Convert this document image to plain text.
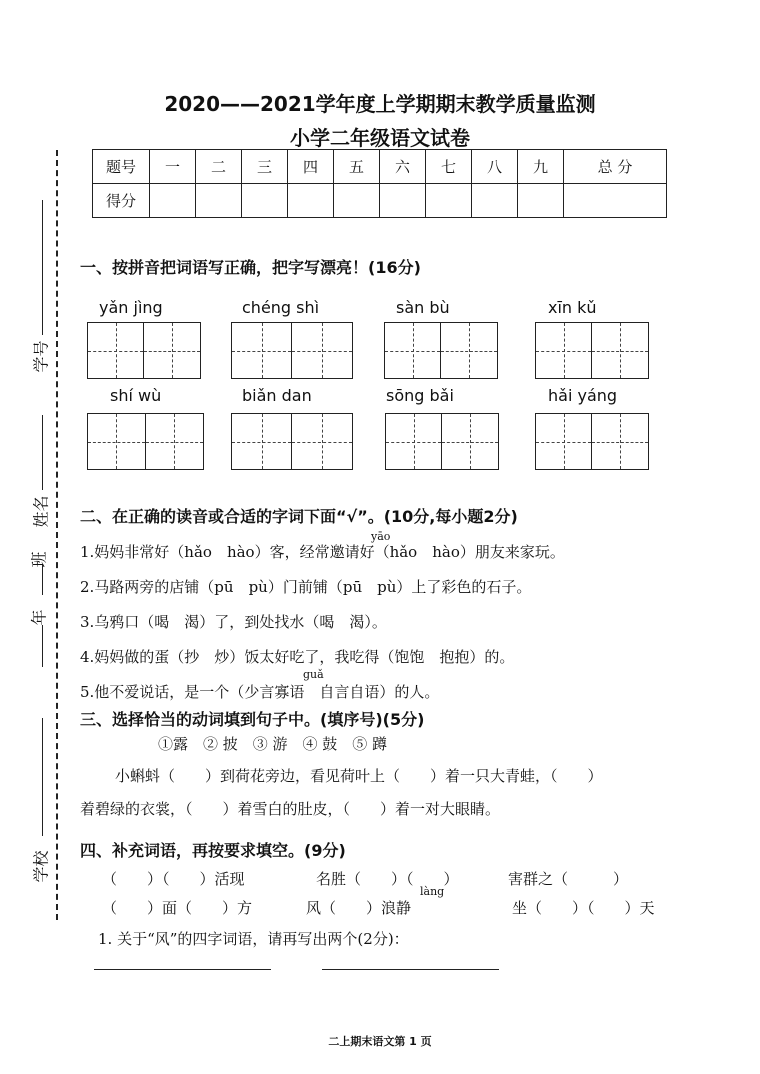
2020——2021学年度上学期期末教学质量监测
小学二年级语文试卷
题号	一	二	三	四	五	六	七	八	九	总 分
得分										
学号
姓名
班
年
学校
一、按拼音把词语写正确，把字写漂亮！(16分)
yǎn jìng	chéng shì	sàn bù	xīn kǔ
shí wù	biǎn dan	sōng bǎi	hǎi yáng
二、在正确的读音或合适的字词下面“√”。(10分,每小题2分)
yāo
1.妈妈非常好（hǎo　hào）客，经常邀请好（hǎo　hào）朋友来家玩。
2.马路两旁的店铺（pū　pù）门前铺（pū　pù）上了彩色的石子。
3.乌鸦口（喝　渴）了，到处找水（喝　渴）。
4.妈妈做的蛋（抄　炒）饭太好吃了，我吃得（饱饱　抱抱）的。
guǎ
5.他不爱说话，是一个（少言寡语　自言自语）的人。
三、选择恰当的动词填到句子中。(填序号)(5分)
①露　② 披　③ 游　④ 鼓　⑤ 蹲
小蝌蚪（　　）到荷花旁边，看见荷叶上（　　）着一只大青蛙，（　　）
着碧绿的衣裳，（　　）着雪白的肚皮，（　　）着一对大眼睛。
四、补充词语，再按要求填空。(9分)
（　　）（　　）活现	名胜（　　）（　　）	害群之（　　　）
làng
（　　）面（　　）方	风（　　）浪静	坐（　　）（　　）天
1. 关于“风”的四字词语，请再写出两个(2分)：
二上期末语文第 1 页
